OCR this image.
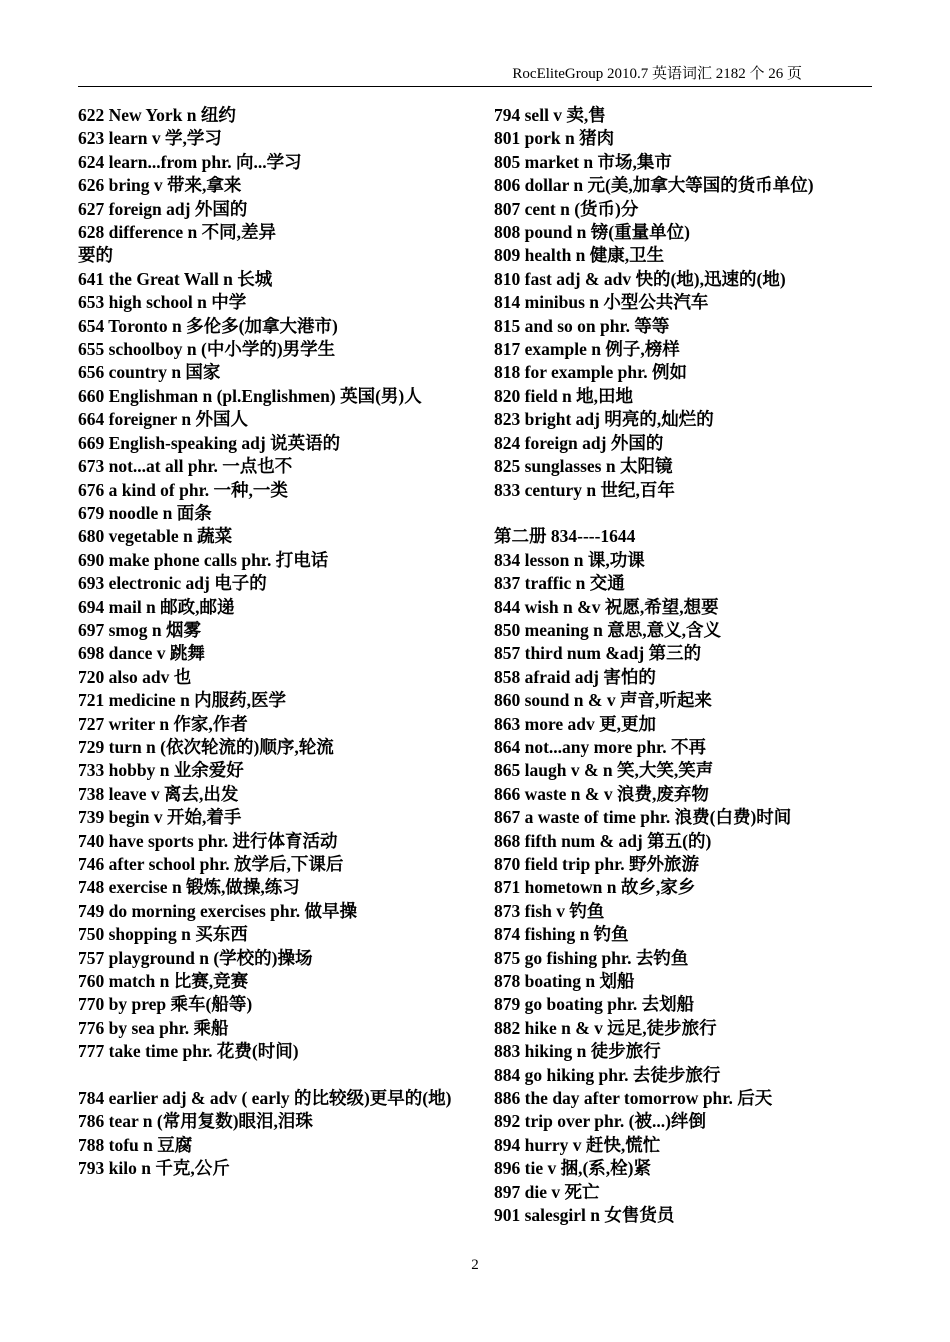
RocEliteGroup 2010.7 英语词汇 2182 个 26 页
622 New York n 纽约
623 learn v 学,学习
624 learn...from phr. 向...学习
626 bring v 带来,拿来
627 foreign adj 外国的
628 difference n 不同,差异
要的
641 the Great Wall n 长城
653 high school n 中学
654 Toronto n 多伦多(加拿大港市)
655 schoolboy n (中小学的)男学生
656 country n 国家
660 Englishman n (pl.Englishmen) 英国(男)人
664 foreigner n 外国人
669 English-speaking adj 说英语的
673 not...at all phr. 一点也不
676 a kind of phr. 一种,一类
679 noodle n 面条
680 vegetable n 蔬菜
690 make phone calls phr. 打电话
693 electronic adj 电子的
694 mail n 邮政,邮递
697 smog n 烟雾
698 dance v 跳舞
720 also adv 也
721 medicine n 内服药,医学
727 writer n 作家,作者
729 turn n (依次轮流的)顺序,轮流
733 hobby n 业余爱好
738 leave v 离去,出发
739 begin v 开始,着手
740 have sports phr. 进行体育活动
746 after school phr. 放学后,下课后
748 exercise n 锻炼,做操,练习
749 do morning exercises phr. 做早操
750 shopping n 买东西
757 playground n (学校的)操场
760 match n 比赛,竞赛
770 by prep 乘车(船等)
776 by sea phr. 乘船
777 take time phr. 花费(时间)
784 earlier adj & adv ( early 的比较级)更早的(地)
786 tear n (常用复数)眼泪,泪珠
788 tofu n 豆腐
793 kilo n 千克,公斤
794 sell v 卖,售
801 pork n 猪肉
805 market n 市场,集市
806 dollar n 元(美,加拿大等国的货币单位)
807 cent n (货币)分
808 pound n 镑(重量单位)
809 health n 健康,卫生
810 fast adj & adv 快的(地),迅速的(地)
814 minibus n 小型公共汽车
815 and so on phr. 等等
817 example n 例子,榜样
818 for example phr. 例如
820 field n 地,田地
823 bright adj 明亮的,灿烂的
824 foreign adj 外国的
825 sunglasses n 太阳镜
833 century n 世纪,百年
第二册 834----1644
834 lesson n 课,功课
837 traffic n 交通
844 wish n &v 祝愿,希望,想要
850 meaning n 意思,意义,含义
857 third num &adj 第三的
858 afraid adj 害怕的
860 sound n & v 声音,听起来
863 more adv 更,更加
864 not...any more phr. 不再
865 laugh v & n 笑,大笑,笑声
866 waste n & v 浪费,废弃物
867 a waste of time phr. 浪费(白费)时间
868 fifth num & adj 第五(的)
870 field trip phr. 野外旅游
871 hometown n 故乡,家乡
873 fish v 钓鱼
874 fishing n 钓鱼
875 go fishing phr. 去钓鱼
878 boating n 划船
879 go boating phr. 去划船
882 hike n & v 远足,徒步旅行
883 hiking n 徒步旅行
884 go hiking phr. 去徒步旅行
886 the day after tomorrow phr. 后天
892 trip over phr. (被...)绊倒
894 hurry v 赶快,慌忙
896 tie v 捆,(系,栓)紧
897 die v 死亡
901 salesgirl n 女售货员
2
